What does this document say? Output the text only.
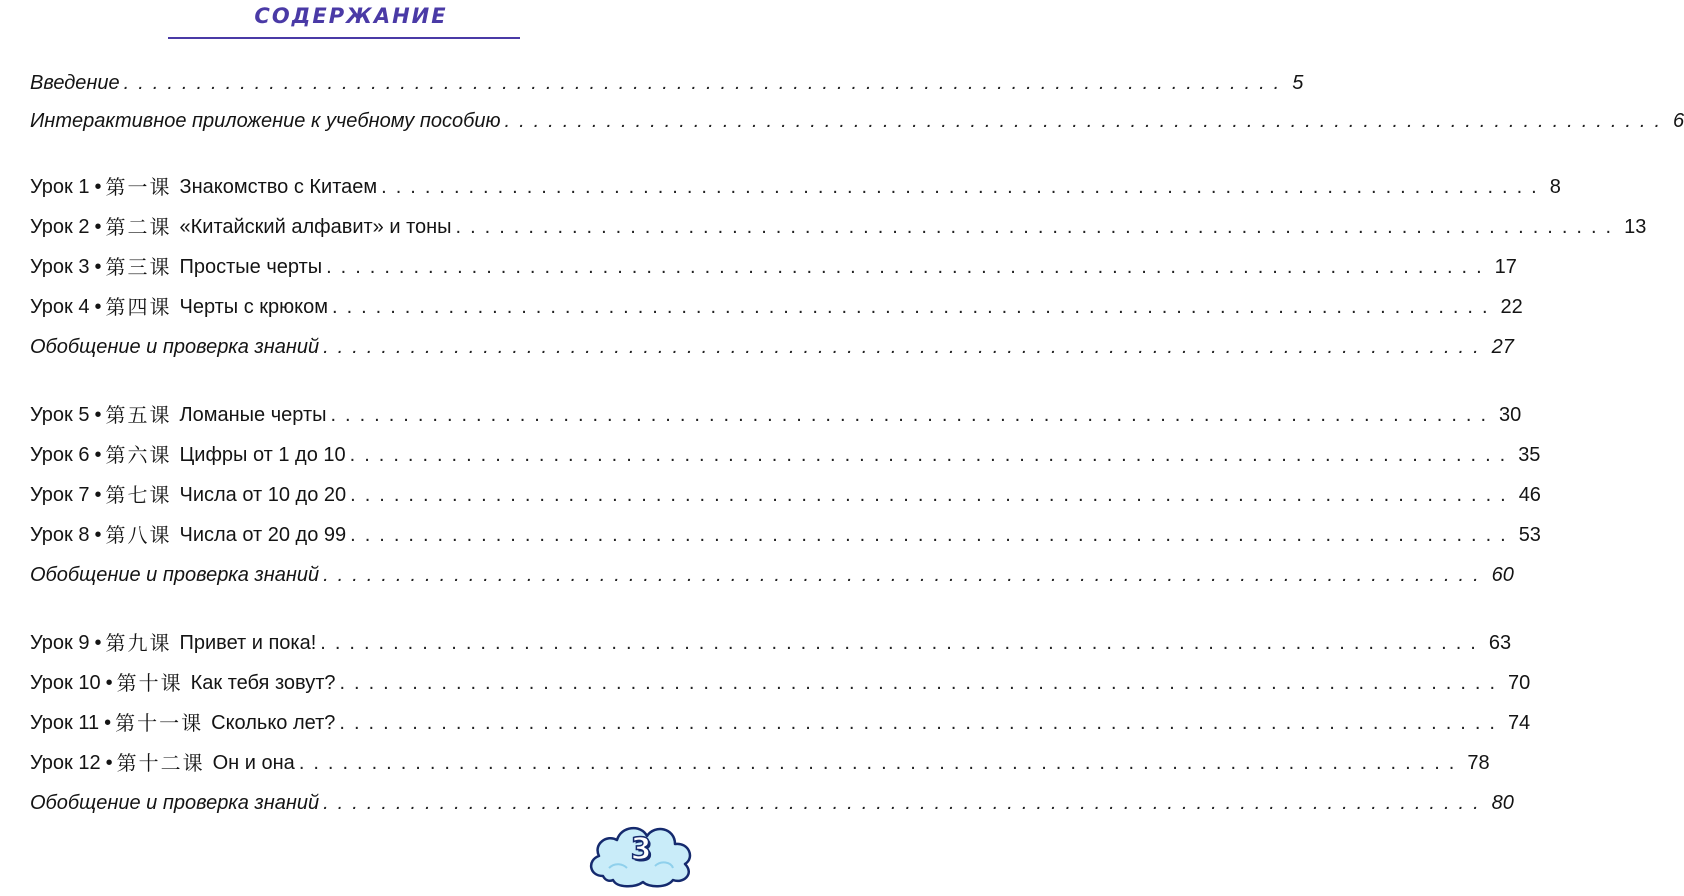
СОДЕРЖАНИЕ
Введение ................................................................................ 5
Интерактивное приложение к учебному пособию ................................................................................ 6
Урок 1 • 第一课 Знакомство с Китаем ................................................................................ 8
Урок 2 • 第二课 «Китайский алфавит» и тоны ................................................................................ 13
Урок 3 • 第三课 Простые черты ................................................................................ 17
Урок 4 • 第四课 Черты с крюком ................................................................................ 22
Обобщение и проверка знаний ................................................................................ 27
Урок 5 • 第五课 Ломаные черты ................................................................................ 30
Урок 6 • 第六课 Цифры от 1 до 10 ................................................................................ 35
Урок 7 • 第七课 Числа от 10 до 20 ................................................................................ 46
Урок 8 • 第八课 Числа от 20 до 99 ................................................................................ 53
Обобщение и проверка знаний ................................................................................ 60
Урок 9 • 第九课 Привет и пока! ................................................................................ 63
Урок 10 • 第十课 Как тебя зовут? ................................................................................ 70
Урок 11 • 第十一课 Сколько лет? ................................................................................ 74
Урок 12 • 第十二课 Он и она ................................................................................ 78
Обобщение и проверка знаний ................................................................................ 80
3
